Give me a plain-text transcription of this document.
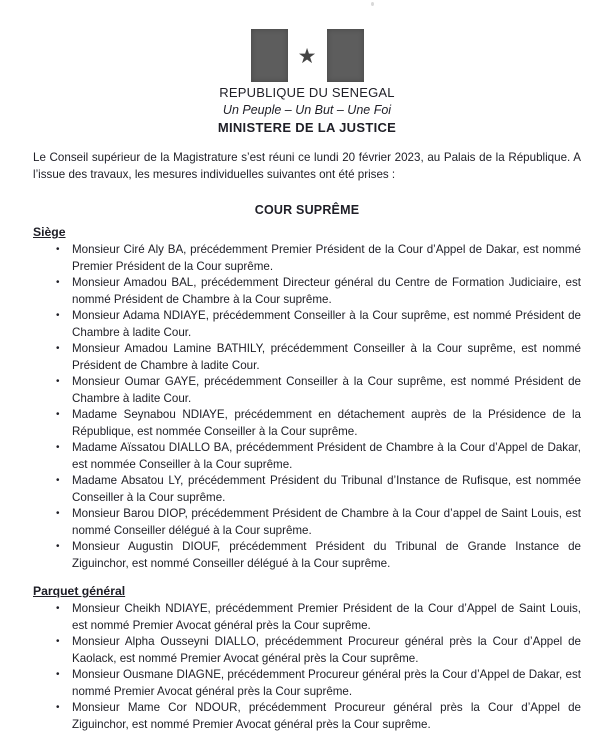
★
REPUBLIQUE DU SENEGAL
Un Peuple – Un But – Une Foi
MINISTERE DE LA JUSTICE

Le Conseil supérieur de la Magistrature s’est réuni ce lundi 20 février 2023, au Palais de la République. A l’issue des travaux, les mesures individuelles suivantes ont été prises :

COUR SUPRÊME
Siège
• Monsieur Ciré Aly BA, précédemment Premier Président de la Cour d’Appel de Dakar, est nommé Premier Président de la Cour suprême.
• Monsieur Amadou BAL, précédemment Directeur général du Centre de Formation Judiciaire, est nommé Président de Chambre à la Cour suprême.
• Monsieur Adama NDIAYE, précédemment Conseiller à la Cour suprême, est nommé Président de Chambre à ladite Cour.
• Monsieur Amadou Lamine BATHILY, précédemment Conseiller à la Cour suprême, est nommé Président de Chambre à ladite Cour.
• Monsieur Oumar GAYE, précédemment Conseiller à la Cour suprême, est nommé Président de Chambre à ladite Cour.
• Madame Seynabou NDIAYE, précédemment en détachement auprès de la Présidence de la République, est nommée Conseiller à la Cour suprême.
• Madame Aïssatou DIALLO BA, précédemment Président de Chambre à la Cour d’Appel de Dakar, est nommée Conseiller à la Cour suprême.
• Madame Absatou LY, précédemment Président du Tribunal d’Instance de Rufisque, est nommée Conseiller à la Cour suprême.
• Monsieur Barou DIOP, précédemment Président de Chambre à la Cour d’appel de Saint Louis, est nommé Conseiller délégué à la Cour suprême.
• Monsieur Augustin DIOUF, précédemment Président du Tribunal de Grande Instance de Ziguinchor, est nommé Conseiller délégué à la Cour suprême.
Parquet général
• Monsieur Cheikh NDIAYE, précédemment Premier Président de la Cour d’Appel de Saint Louis, est nommé Premier Avocat général près la Cour suprême.
• Monsieur Alpha Ousseyni DIALLO, précédemment Procureur général près la Cour d’Appel de Kaolack, est nommé Premier Avocat général près la Cour suprême.
• Monsieur Ousmane DIAGNE, précédemment Procureur général près la Cour d’Appel de Dakar, est nommé Premier Avocat général près la Cour suprême.
• Monsieur Mame Cor NDOUR, précédemment Procureur général près la Cour d’Appel de Ziguinchor, est nommé Premier Avocat général près la Cour suprême.
